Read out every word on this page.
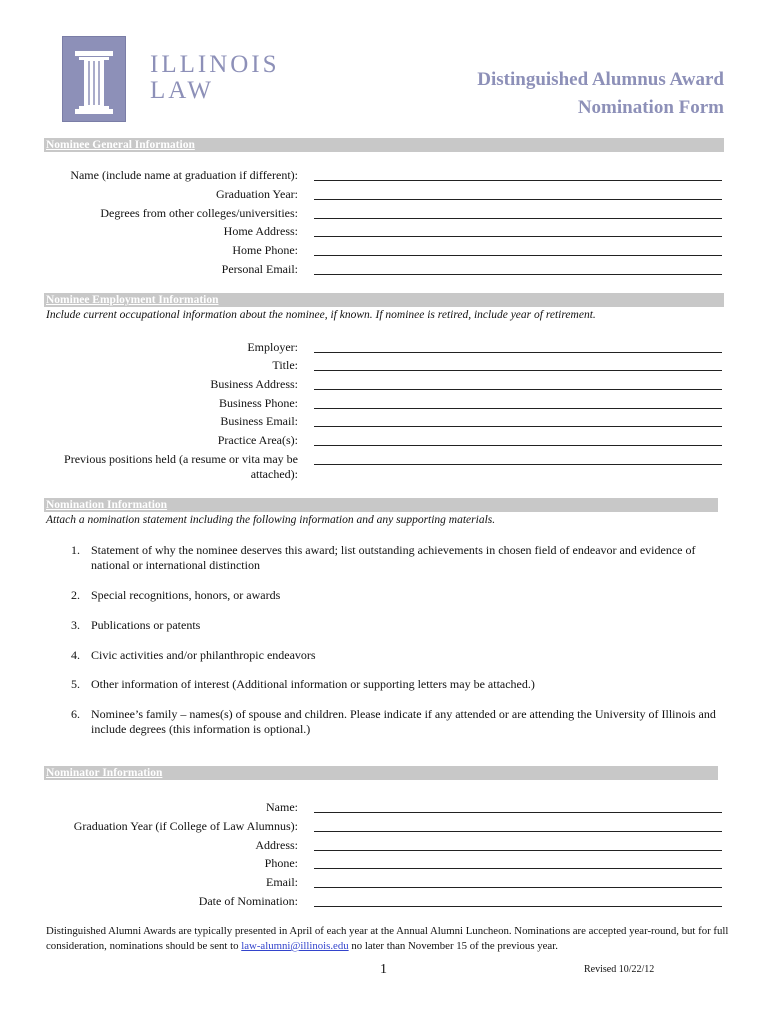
ILLINOIS
LAW	Distinguished Alumnus Award
Nomination Form
Nominee General Information
Name (include name at graduation if different):
Graduation Year:
Degrees from other colleges/universities:
Home Address:
Home Phone:
Personal Email:
Nominee Employment Information
Include current occupational information about the nominee, if known. If nominee is retired, include year of retirement.
Employer:
Title:
Business Address:
Business Phone:
Business Email:
Practice Area(s):
Previous positions held (a resume or vita may be attached):
Nomination Information
Attach a nomination statement including the following information and any supporting materials.
1. Statement of why the nominee deserves this award; list outstanding achievements in chosen field of endeavor and evidence of national or international distinction
2. Special recognitions, honors, or awards
3. Publications or patents
4. Civic activities and/or philanthropic endeavors
5. Other information of interest (Additional information or supporting letters may be attached.)
6. Nominee’s family – names(s) of spouse and children. Please indicate if any attended or are attending the University of Illinois and include degrees (this information is optional.)
Nominator Information
Name:
Graduation Year (if College of Law Alumnus):
Address:
Phone:
Email:
Date of Nomination:
Distinguished Alumni Awards are typically presented in April of each year at the Annual Alumni Luncheon. Nominations are accepted year-round, but for full consideration, nominations should be sent to law-alumni@illinois.edu no later than November 15 of the previous year.
1	Revised 10/22/12
